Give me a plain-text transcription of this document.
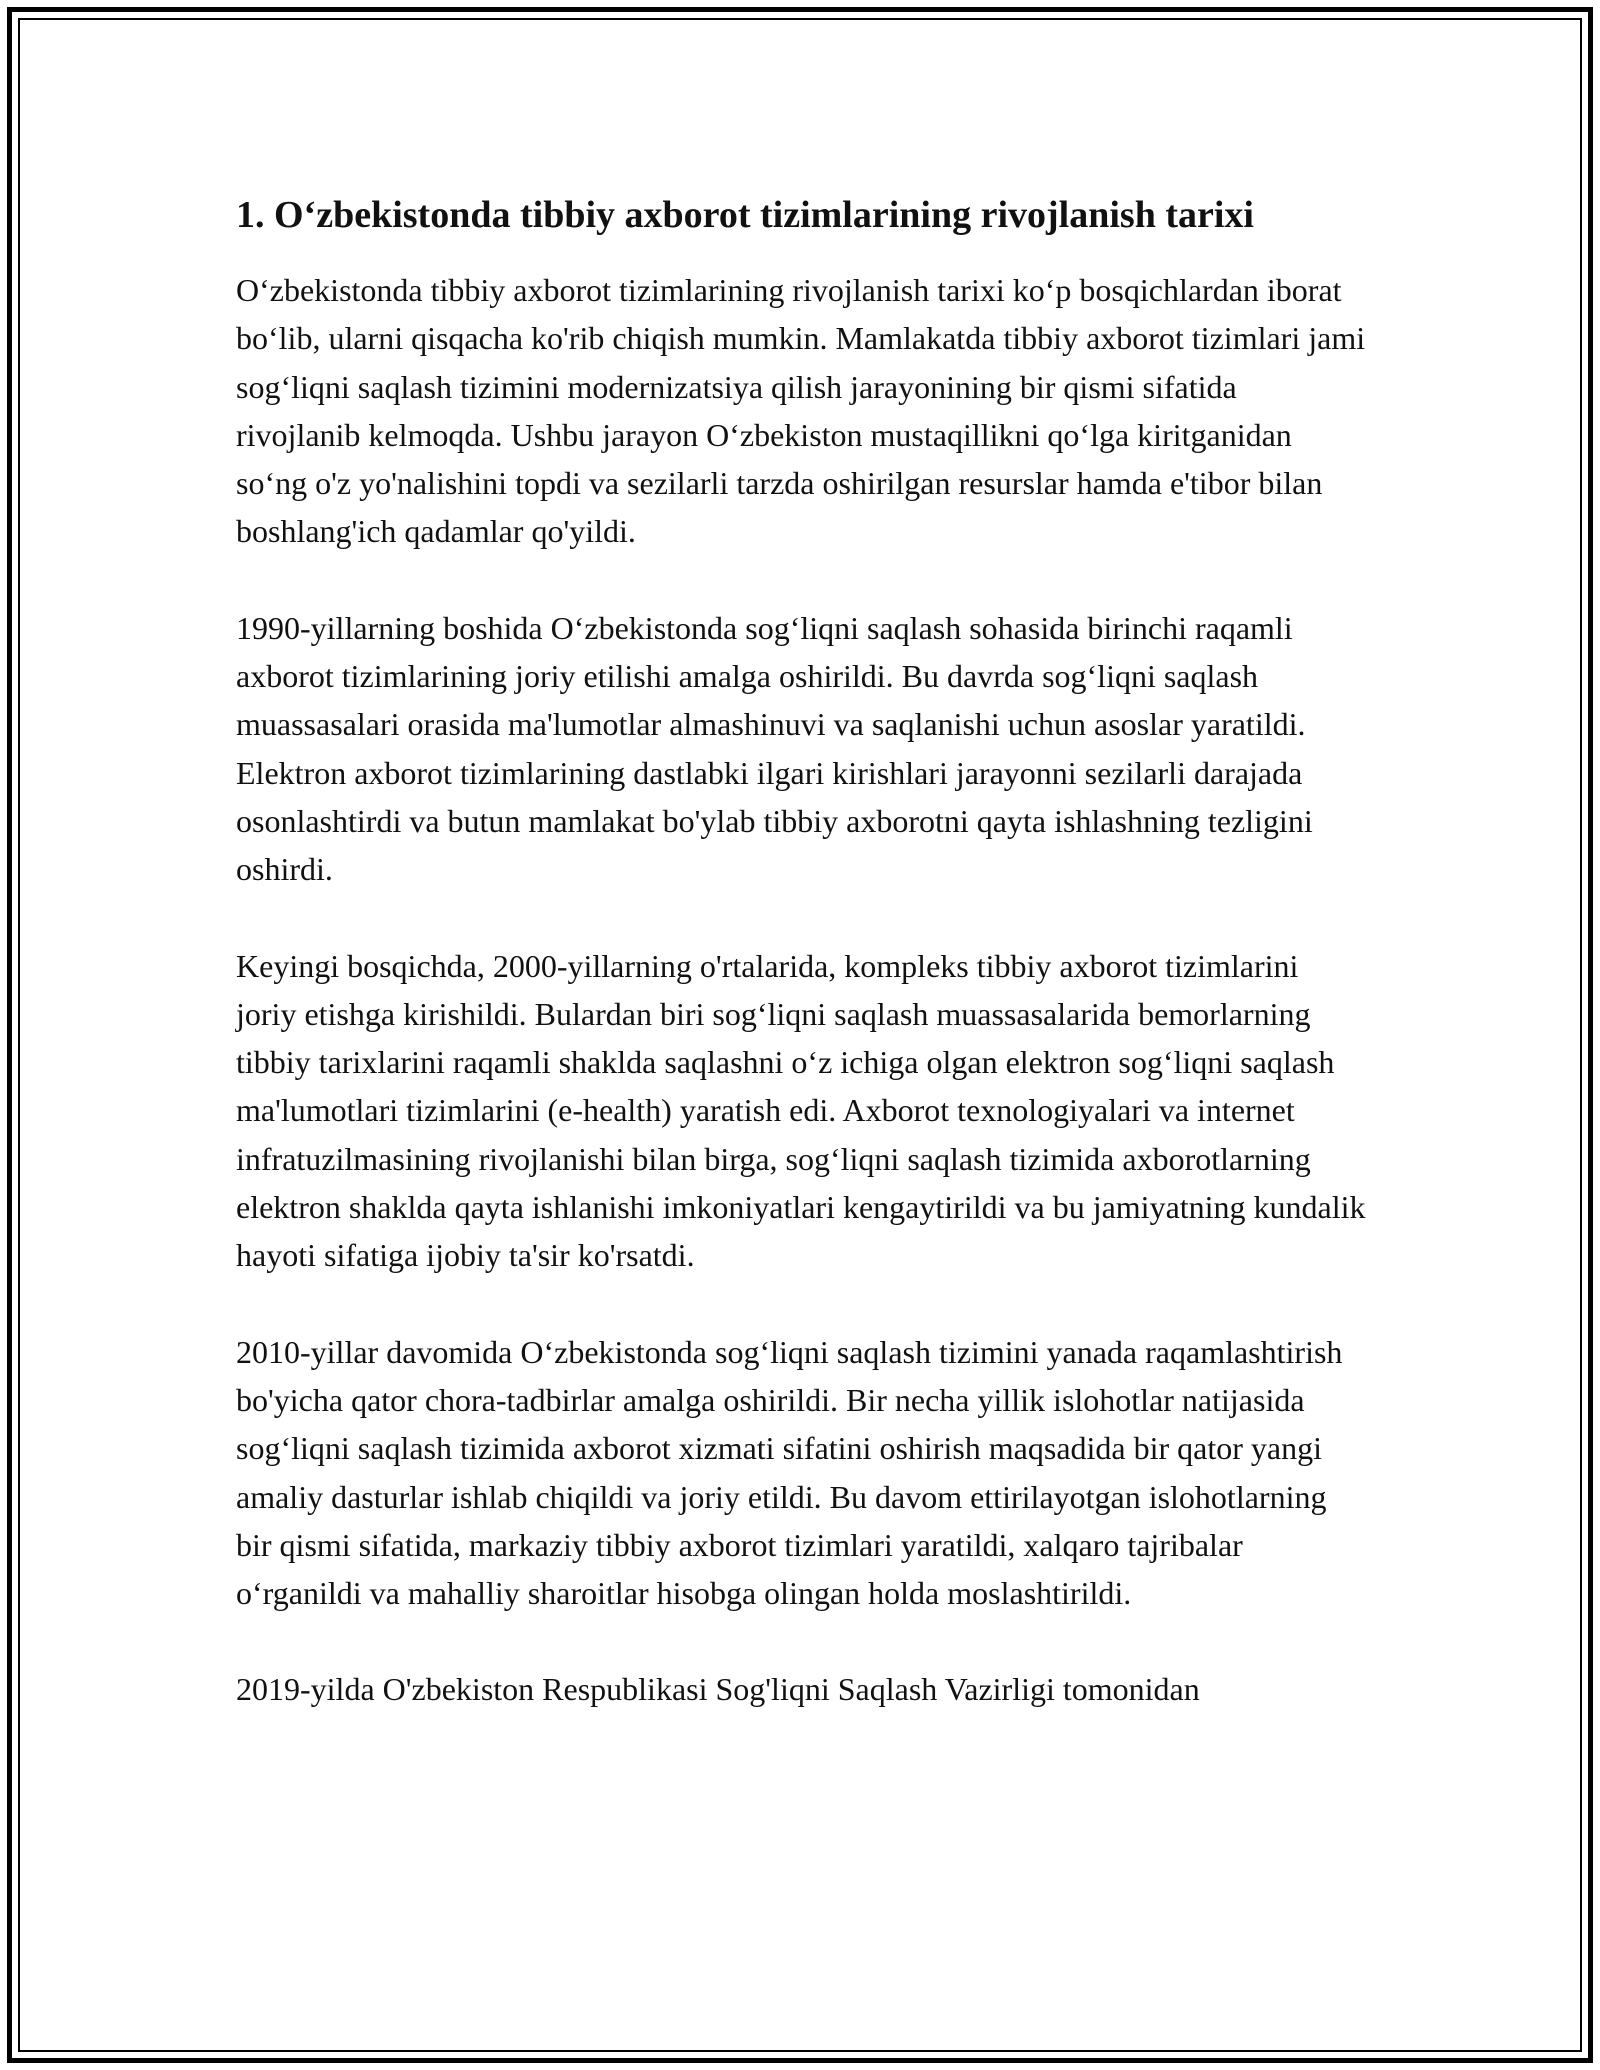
1. O‘zbekistonda tibbiy axborot tizimlarining rivojlanish tarixi

O‘zbekistonda tibbiy axborot tizimlarining rivojlanish tarixi ko‘p bosqichlardan iborat bo‘lib, ularni qisqacha ko'rib chiqish mumkin. Mamlakatda tibbiy axborot tizimlari jami sog‘liqni saqlash tizimini modernizatsiya qilish jarayonining bir qismi sifatida rivojlanib kelmoqda. Ushbu jarayon O‘zbekiston mustaqillikni qo‘lga kiritganidan so‘ng o'z yo'nalishini topdi va sezilarli tarzda oshirilgan resurslar hamda e'tibor bilan boshlang'ich qadamlar qo'yildi.

1990-yillarning boshida O‘zbekistonda sog‘liqni saqlash sohasida birinchi raqamli axborot tizimlarining joriy etilishi amalga oshirildi. Bu davrda sog‘liqni saqlash muassasalari orasida ma'lumotlar almashinuvi va saqlanishi uchun asoslar yaratildi. Elektron axborot tizimlarining dastlabki ilgari kirishlari jarayonni sezilarli darajada osonlashtirdi va butun mamlakat bo'ylab tibbiy axborotni qayta ishlashning tezligini oshirdi.

Keyingi bosqichda, 2000-yillarning o'rtalarida, kompleks tibbiy axborot tizimlarini joriy etishga kirishildi. Bulardan biri sog‘liqni saqlash muassasalarida bemorlarning tibbiy tarixlarini raqamli shaklda saqlashni o‘z ichiga olgan elektron sog‘liqni saqlash ma'lumotlari tizimlarini (e-health) yaratish edi. Axborot texnologiyalari va internet infratuzilmasining rivojlanishi bilan birga, sog‘liqni saqlash tizimida axborotlarning elektron shaklda qayta ishlanishi imkoniyatlari kengaytirildi va bu jamiyatning kundalik hayoti sifatiga ijobiy ta'sir ko'rsatdi.

2010-yillar davomida O‘zbekistonda sog‘liqni saqlash tizimini yanada raqamlashtirish bo'yicha qator chora-tadbirlar amalga oshirildi. Bir necha yillik islohotlar natijasida sog‘liqni saqlash tizimida axborot xizmati sifatini oshirish maqsadida bir qator yangi amaliy dasturlar ishlab chiqildi va joriy etildi. Bu davom ettirilayotgan islohotlarning bir qismi sifatida, markaziy tibbiy axborot tizimlari yaratildi, xalqaro tajribalar o‘rganildi va mahalliy sharoitlar hisobga olingan holda moslashtirildi.

2019-yilda O'zbekiston Respublikasi Sog'liqni Saqlash Vazirligi tomonidan
